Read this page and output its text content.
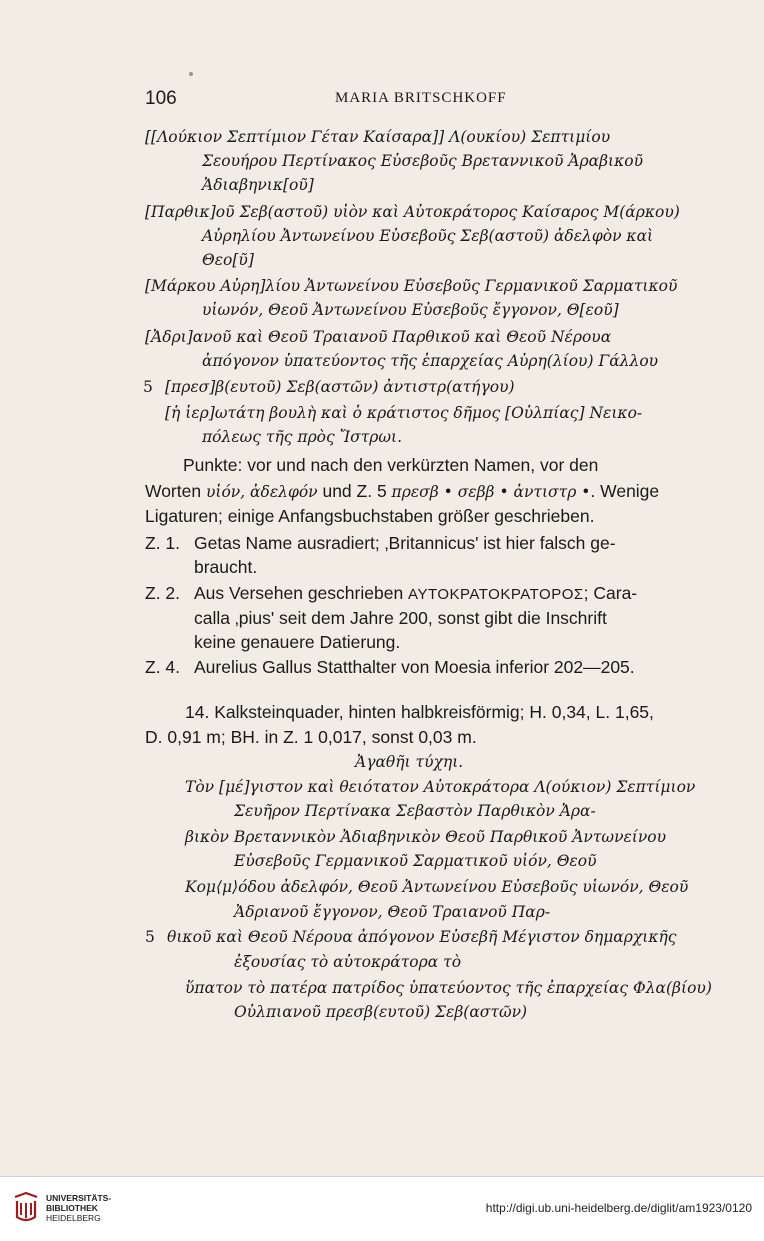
106	MARIA BRITSCHKOFF
[[Λούκιον Σεπτίμιον Γέταν Καίσαρα]] Λ(ουκίου) Σεπτιμίου
Σεουήρου Περτίνακος Εὐσεβοῦς Βρεταννικοῦ Ἀραβικοῦ
Ἀδιαβηνικ[οῦ]
[Παρθικ]οῦ Σεβ(αστοῦ) υἱὸν καὶ Αὐτοκράτορος Καίσαρος Μ(άρκου)
Αὐρηλίου Ἀντωνείνου Εὐσεβοῦς Σεβ(αστοῦ) ἀδελφὸν καὶ
Θεο[ῦ]
[Μάρκου Αὐρη]λίου Ἀντωνείνου Εὐσεβοῦς Γερμανικοῦ Σαρματικοῦ
υἱωνόν, Θεοῦ Ἀντωνείνου Εὐσεβοῦς ἔγγονον, Θ[εοῦ]
[Ἀδρι]ανοῦ καὶ Θεοῦ Τραιανοῦ Παρθικοῦ καὶ Θεοῦ Νέρουα
ἀπόγονον ὑπατεύοντος τῆς ἐπαρχείας Αὐρη(λίου) Γάλλου
5 [πρεσ]β(ευτοῦ) Σεβ(αστῶν) ἀντιστρ(ατήγου)
[ἡ ἱερ]ωτάτη βουλὴ καὶ ὁ κράτιστος δῆμος [Οὐλπίας] Νεικο-
πόλεως τῆς πρὸς Ἴστρωι.
Punkte: vor und nach den verkürzten Namen, vor den
Worten υἱόν, ἀδελφόν und Z. 5 πρεσβ • σεββ • ἀντιστρ •. Wenige
Ligaturen; einige Anfangsbuchstaben größer geschrieben.
Z. 1. Getas Name ausradiert; ‚Britannicus' ist hier falsch ge-
braucht.
Z. 2. Aus Versehen geschrieben ΑΥΤΟΚΡΑΤΟΚΡΑΤΟΡΟΣ; Cara-
calla ‚pius' seit dem Jahre 200, sonst gibt die Inschrift
keine genauere Datierung.
Z. 4. Aurelius Gallus Statthalter von Moesia inferior 202—205.
14. Kalksteinquader, hinten halbkreisförmig; H. 0,34, L. 1,65,
D. 0,91 m; BH. in Z. 1 0,017, sonst 0,03 m.
Ἀγαθῆι τύχηι.
Τὸν [μέ]γιστον καὶ θειότατον Αὐτοκράτορα Λ(ούκιον) Σεπτίμιον
Σευῆρον Περτίνακα Σεβαστὸν Παρθικὸν Ἀρα-
βικὸν Βρεταννικὸν Ἀδιαβηνικὸν Θεοῦ Παρθικοῦ Ἀντωνείνου
Εὐσεβοῦς Γερμανικοῦ Σαρματικοῦ υἱόν, Θεοῦ
Κομ⟨μ⟩όδου ἀδελφόν, Θεοῦ Ἀντωνείνου Εὐσεβοῦς υἱωνόν, Θεοῦ
Ἀδριανοῦ ἔγγονον, Θεοῦ Τραιανοῦ Παρ-
5 θικοῦ καὶ Θεοῦ Νέρουα ἀπόγονον Εὐσεβῆ Μέγιστον δημαρχικῆς
ἐξουσίας τὸ αὐτοκράτορα τὸ
ὕπατον τὸ πατέρα πατρίδος ὑπατεύοντος τῆς ἐπαρχείας Φλα(βίου)
Οὐλπιανοῦ πρεσβ(ευτοῦ) Σεβ(αστῶν)
UNIVERSITÄTS-
BIBLIOTHEK
HEIDELBERG
http://digi.ub.uni-heidelberg.de/diglit/am1923/0120
